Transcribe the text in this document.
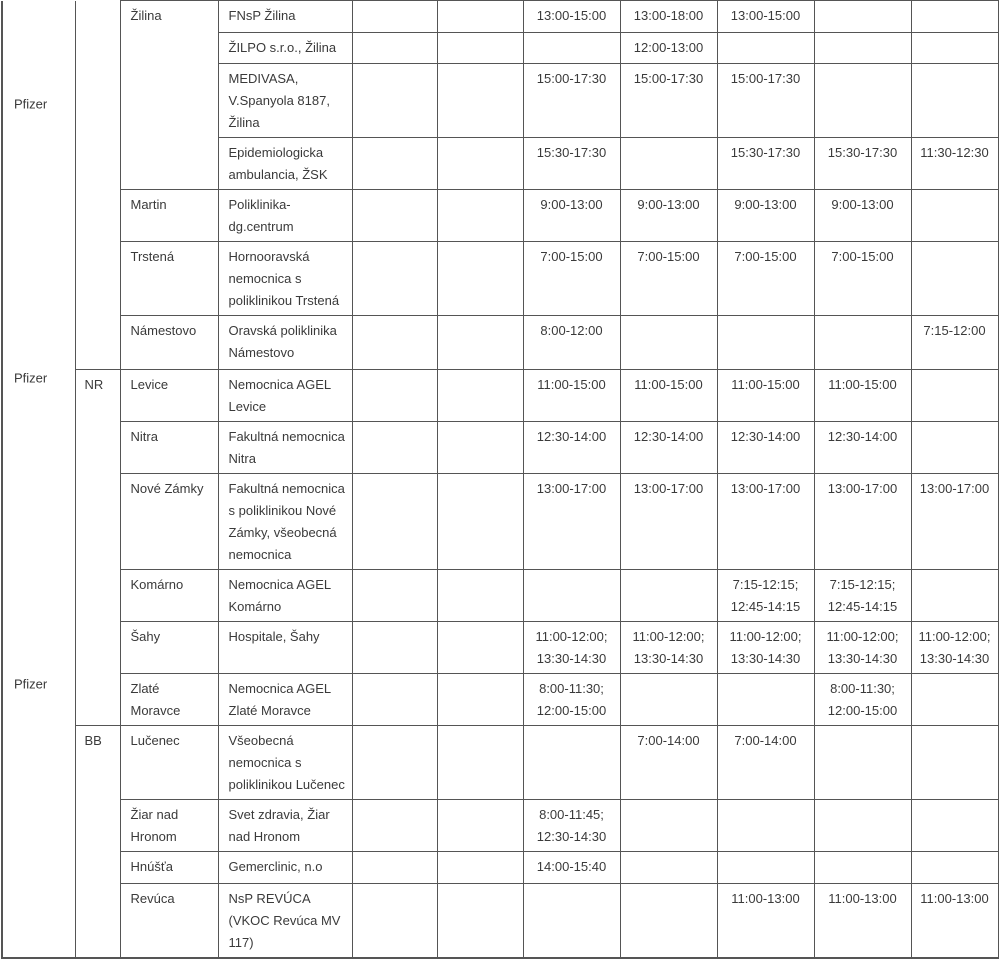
		Žilina	FNsP Žilina			13:00-15:00	13:00-18:00	13:00-15:00		
			ŽILPO s.r.o., Žilina				12:00-13:00			
			MEDIVASA, V.Spanyola 8187, Žilina			15:00-17:30	15:00-17:30	15:00-17:30		
			Epidemiologicka ambulancia, ŽSK			15:30-17:30		15:30-17:30	15:30-17:30	11:30-12:30
		Martin	Poliklinika-dg.centrum			9:00-13:00	9:00-13:00	9:00-13:00	9:00-13:00	
		Trstená	Hornooravská nemocnica s poliklinikou Trstená			7:00-15:00	7:00-15:00	7:00-15:00	7:00-15:00	
		Námestovo	Oravská poliklinika Námestovo			8:00-12:00				7:15-12:00
	NR	Levice	Nemocnica AGEL Levice			11:00-15:00	11:00-15:00	11:00-15:00	11:00-15:00	
		Nitra	Fakultná nemocnica Nitra			12:30-14:00	12:30-14:00	12:30-14:00	12:30-14:00	
		Nové Zámky	Fakultná nemocnica s poliklinikou Nové Zámky, všeobecná nemocnica			13:00-17:00	13:00-17:00	13:00-17:00	13:00-17:00	13:00-17:00
		Komárno	Nemocnica AGEL Komárno					7:15-12:15; 12:45-14:15	7:15-12:15; 12:45-14:15	
		Šahy	Hospitale, Šahy			11:00-12:00; 13:30-14:30	11:00-12:00; 13:30-14:30	11:00-12:00; 13:30-14:30	11:00-12:00; 13:30-14:30	11:00-12:00; 13:30-14:30
		Zlaté Moravce	Nemocnica AGEL Zlaté Moravce			8:00-11:30; 12:00-15:00			8:00-11:30; 12:00-15:00	
	BB	Lučenec	Všeobecná nemocnica s poliklinikou Lučenec				7:00-14:00	7:00-14:00		
		Žiar nad Hronom	Svet zdravia, Žiar nad Hronom			8:00-11:45; 12:30-14:30				
		Hnúšťa	Gemerclinic, n.o			14:00-15:40				
		Revúca	NsP REVÚCA (VKOC Revúca MV 117)					11:00-13:00	11:00-13:00	11:00-13:00
Pfizer
Pfizer
Pfizer
